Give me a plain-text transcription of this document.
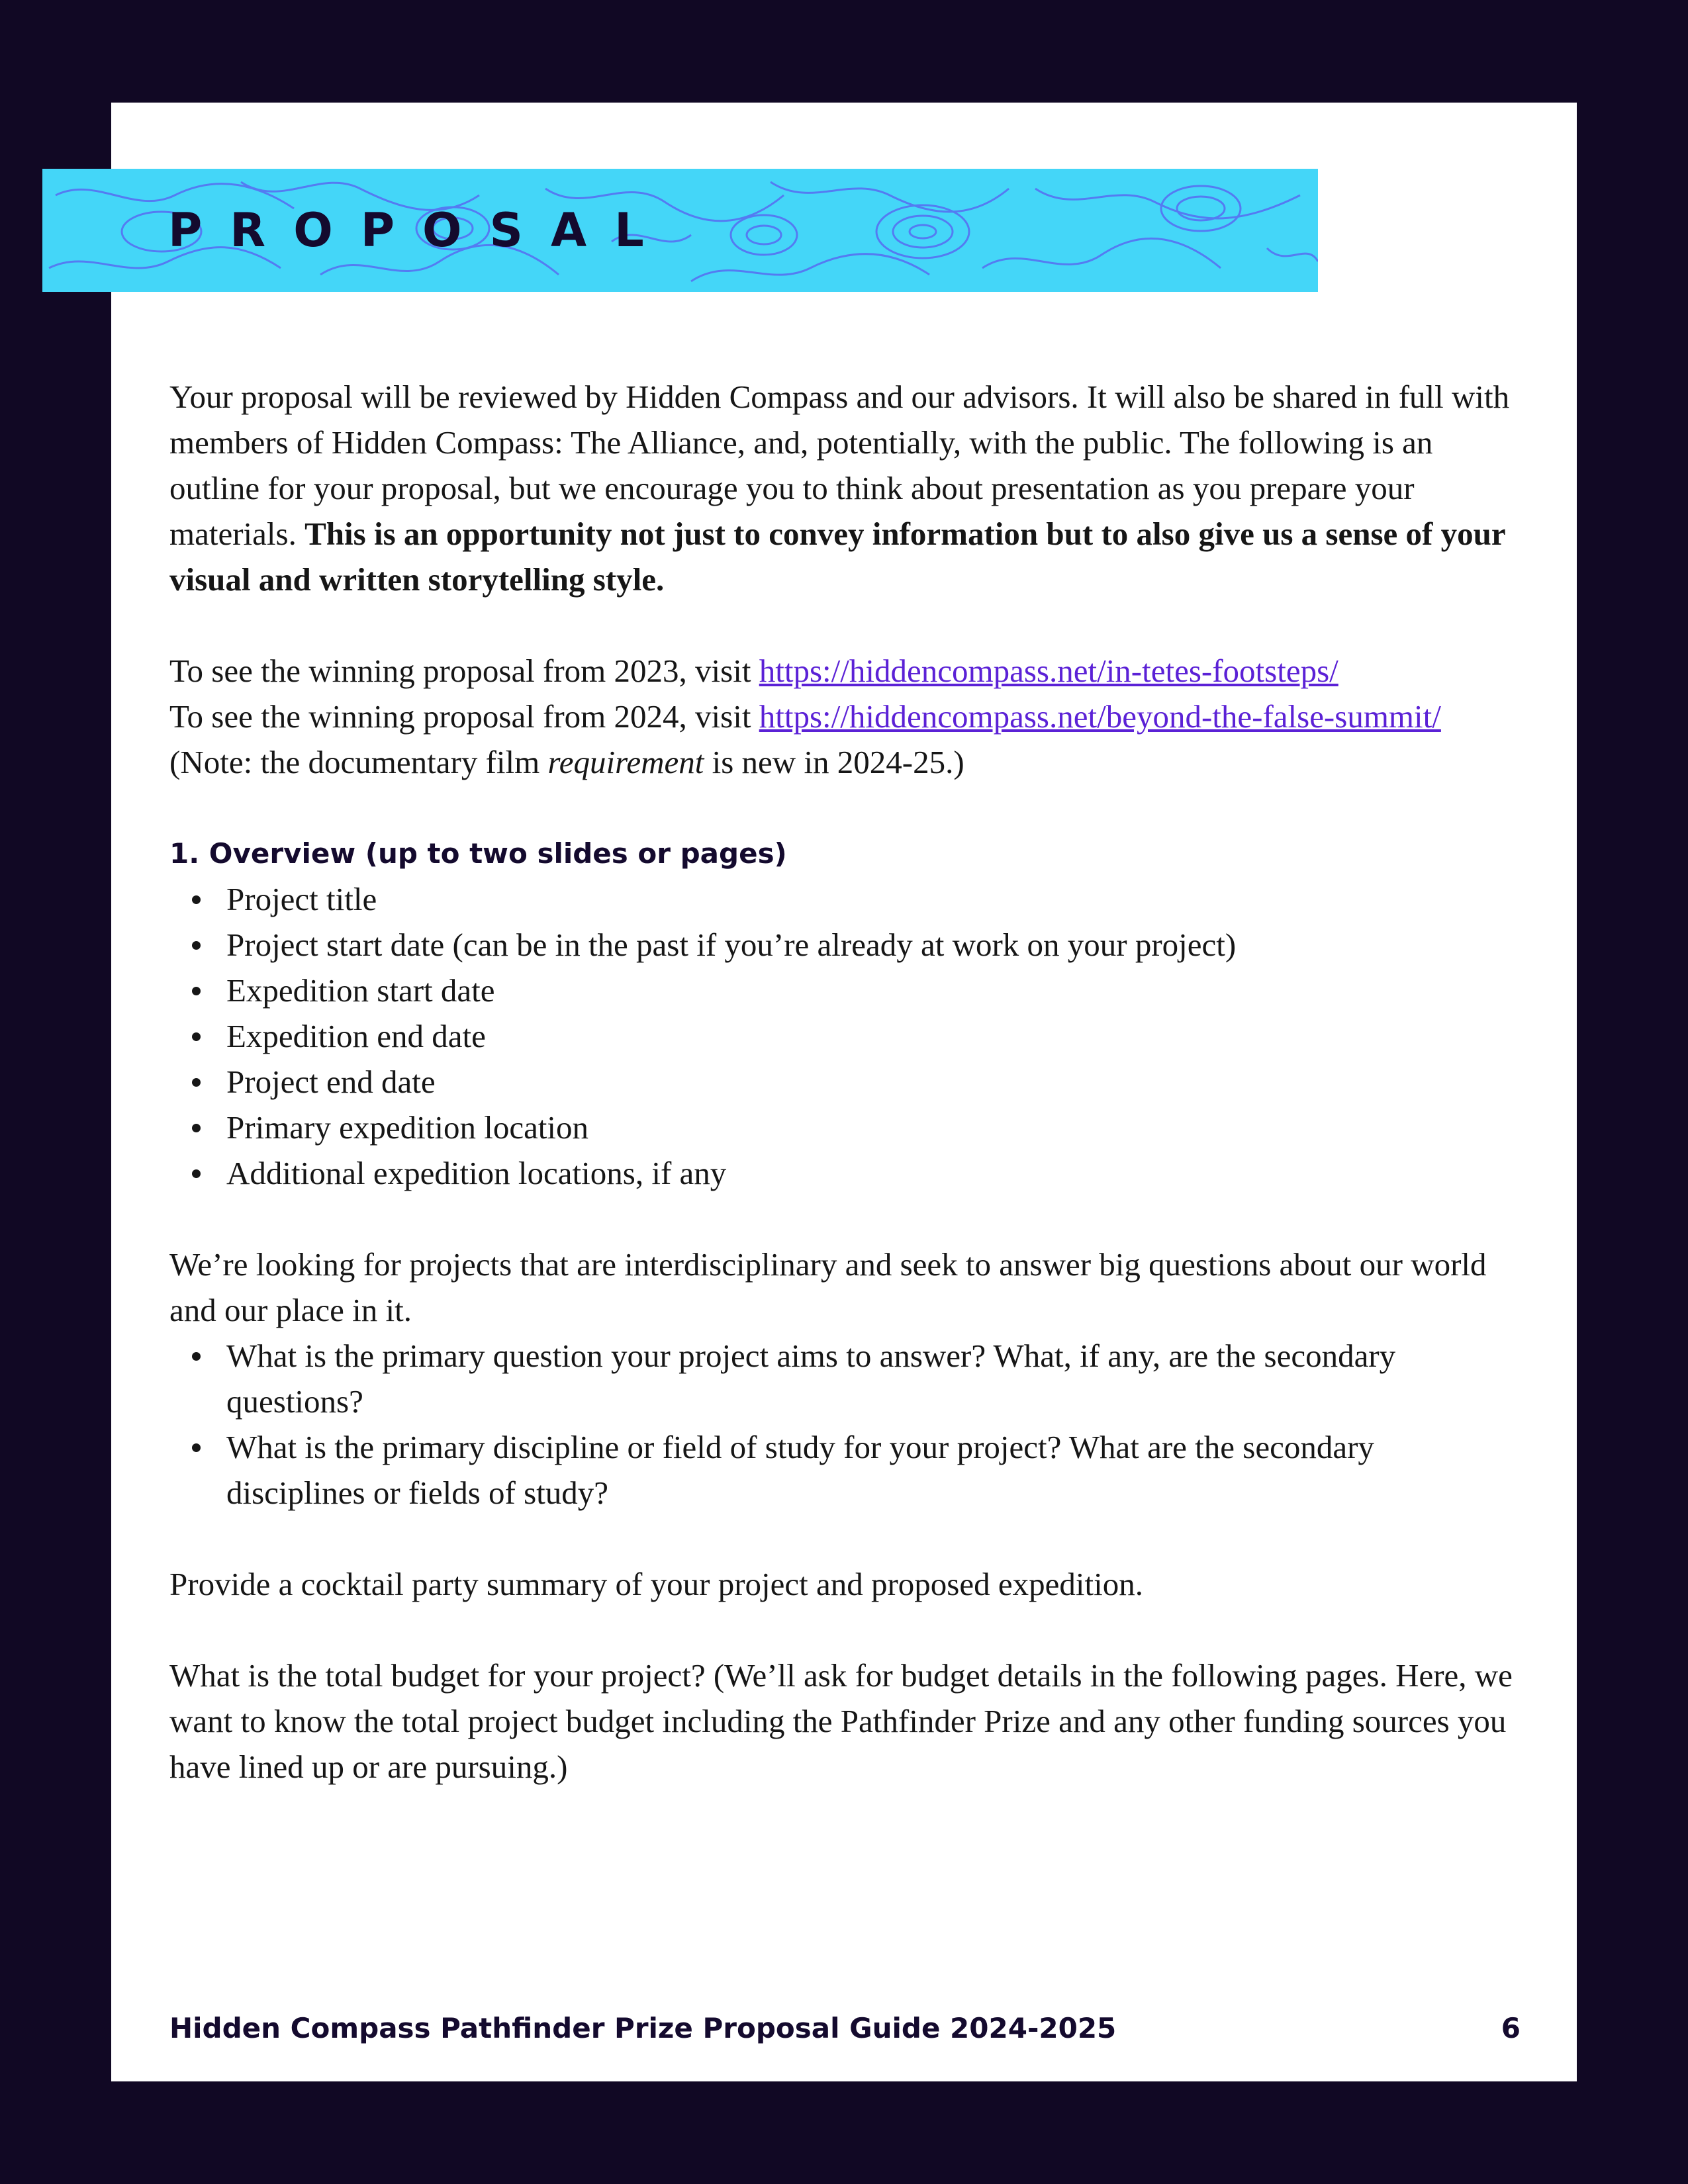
PROPOSAL

Your proposal will be reviewed by Hidden Compass and our advisors. It will also be shared in full with members of Hidden Compass: The Alliance, and, potentially, with the public. The following is an outline for your proposal, but we encourage you to think about presentation as you prepare your materials. This is an opportunity not just to convey information but to also give us a sense of your visual and written storytelling style.

To see the winning proposal from 2023, visit https://hiddencompass.net/in-tetes-footsteps/

To see the winning proposal from 2024, visit https://hiddencompass.net/beyond-the-false-summit/ (Note: the documentary film requirement is new in 2024-25.)

1. Overview (up to two slides or pages)

Project title
Project start date (can be in the past if you’re already at work on your project)
Expedition start date
Expedition end date
Project end date
Primary expedition location
Additional expedition locations, if any

We’re looking for projects that are interdisciplinary and seek to answer big questions about our world and our place in it.

What is the primary question your project aims to answer? What, if any, are the secondary questions?
What is the primary discipline or field of study for your project? What are the secondary disciplines or fields of study?

Provide a cocktail party summary of your project and proposed expedition.

What is the total budget for your project? (We’ll ask for budget details in the following pages. Here, we want to know the total project budget including the Pathfinder Prize and any other funding sources you have lined up or are pursuing.)

Hidden Compass Pathfinder Prize Proposal Guide 2024-2025	6
